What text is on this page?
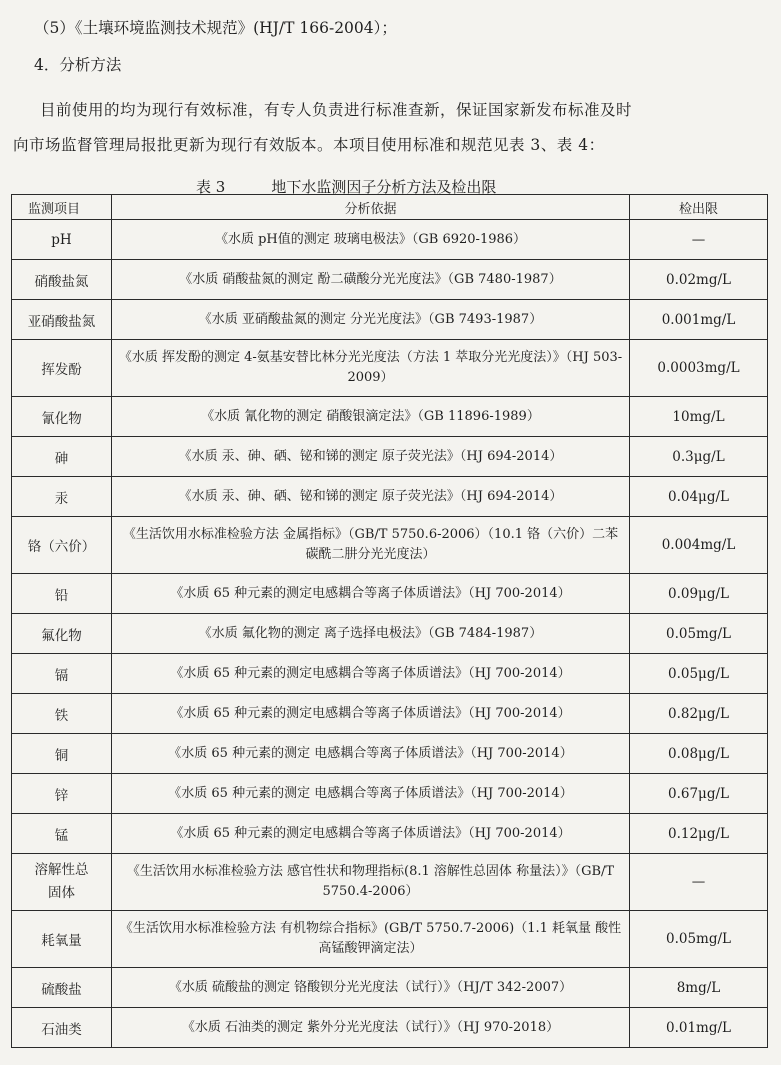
（5）《土壤环境监测技术规范》(HJ/T 166-2004）；
4．分析方法
目前使用的均为现行有效标准，有专人负责进行标准查新，保证国家新发布标准及时
向市场监督管理局报批更新为现行有效版本。本项目使用标准和规范见表 3、表 4：
表 3	地下水监测因子分析方法及检出限
监测项目	分析依据	检出限
pH	《水质 pH值的测定 玻璃电极法》（GB 6920-1986）	—
硝酸盐氮	《水质 硝酸盐氮的测定 酚二磺酸分光光度法》（GB 7480-1987）	0.02mg/L
亚硝酸盐氮	《水质 亚硝酸盐氮的测定 分光光度法》（GB 7493-1987）	0.001mg/L
挥发酚	《水质 挥发酚的测定 4-氨基安替比林分光光度法（方法 1 萃取分光光度法）》（HJ 503-2009）	0.0003mg/L
氰化物	《水质 氰化物的测定 硝酸银滴定法》（GB 11896-1989）	10mg/L
砷	《水质 汞、砷、硒、铋和锑的测定 原子荧光法》（HJ 694-2014）	0.3μg/L
汞	《水质 汞、砷、硒、铋和锑的测定 原子荧光法》（HJ 694-2014）	0.04μg/L
铬（六价）	《生活饮用水标准检验方法 金属指标》（GB/T 5750.6-2006）（10.1 铬（六价）二苯碳酰二肼分光光度法）	0.004mg/L
铅	《水质 65 种元素的测定电感耦合等离子体质谱法》（HJ 700-2014）	0.09μg/L
氟化物	《水质 氟化物的测定 离子选择电极法》（GB 7484-1987）	0.05mg/L
镉	《水质 65 种元素的测定电感耦合等离子体质谱法》（HJ 700-2014）	0.05μg/L
铁	《水质 65 种元素的测定电感耦合等离子体质谱法》（HJ 700-2014）	0.82μg/L
铜	《水质 65 种元素的测定 电感耦合等离子体质谱法》（HJ 700-2014）	0.08μg/L
锌	《水质 65 种元素的测定 电感耦合等离子体质谱法》（HJ 700-2014）	0.67μg/L
锰	《水质 65 种元素的测定电感耦合等离子体质谱法》（HJ 700-2014）	0.12μg/L
溶解性总固体	《生活饮用水标准检验方法 感官性状和物理指标(8.1 溶解性总固体 称量法）》（GB/T 5750.4-2006）	—
耗氧量	《生活饮用水标准检验方法 有机物综合指标》(GB/T 5750.7-2006)（1.1 耗氧量 酸性高锰酸钾滴定法）	0.05mg/L
硫酸盐	《水质 硫酸盐的测定 铬酸钡分光光度法（试行）》（HJ/T 342-2007）	8mg/L
石油类	《水质 石油类的测定 紫外分光光度法（试行）》（HJ 970-2018）	0.01mg/L
